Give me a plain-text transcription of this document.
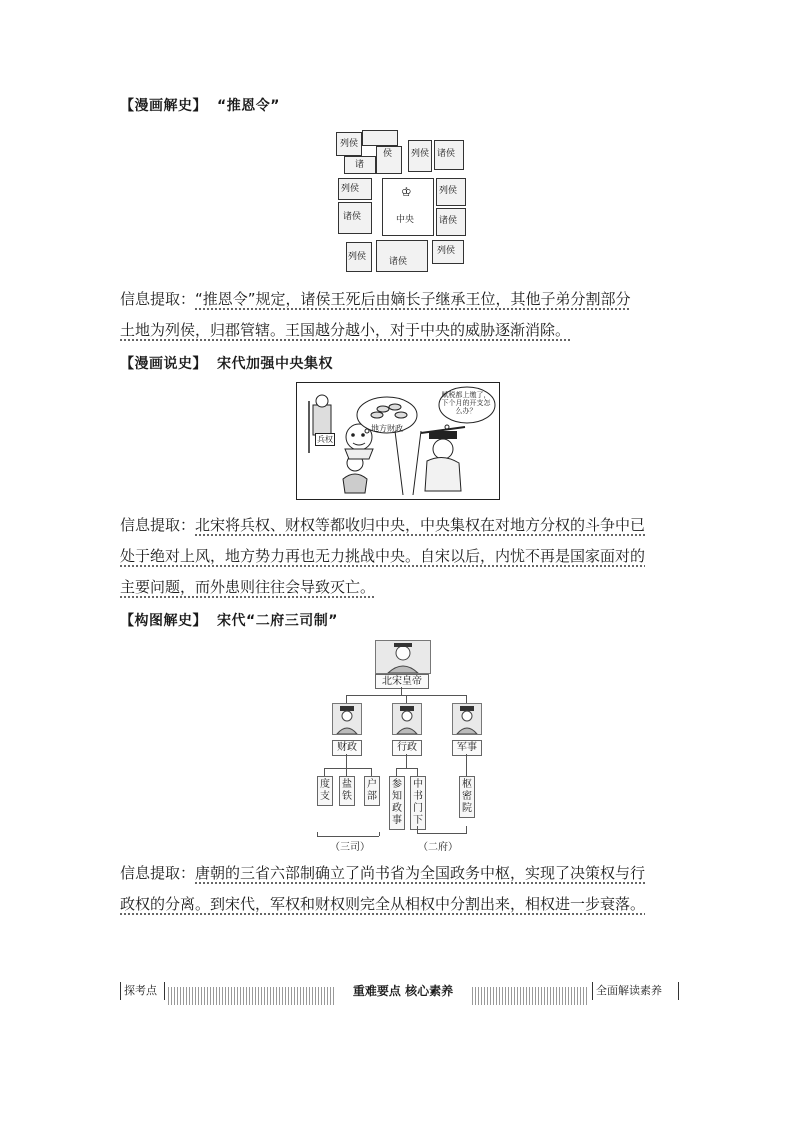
【漫画解史】 “推恩令”
列侯
诸
侯 列侯 诸侯
列侯
诸侯
♔
中央
列侯
诸侯
列侯	诸侯
列侯
信息提取：“推恩令”规定，诸侯王死后由嫡长子继承王位，其他子弟分割部分
土地为列侯，归郡管辖。王国越分越小，对于中央的威胁逐渐消除。
【漫画说史】 宋代加强中央集权
赋税都上缴了，下个月的开支怎么办？
地方财政
兵权
信息提取：北宋将兵权、财权等都收归中央，中央集权在对地方分权的斗争中已
处于绝对上风，地方势力再也无力挑战中央。自宋以后，内忧不再是国家面对的
主要问题，而外患则往往会导致灭亡。
【构图解史】 宋代“二府三司制”
北宋皇帝
财政	行政	军事
度支
盐铁
户部
参知政事
中书门下
枢密院
（三司）	（二府）
信息提取：唐朝的三省六部制确立了尚书省为全国政务中枢，实现了决策权与行
政权的分离。到宋代，军权和财权则完全从相权中分割出来，相权进一步衰落。
探考点	重难要点 核心素养	全面解读素养
